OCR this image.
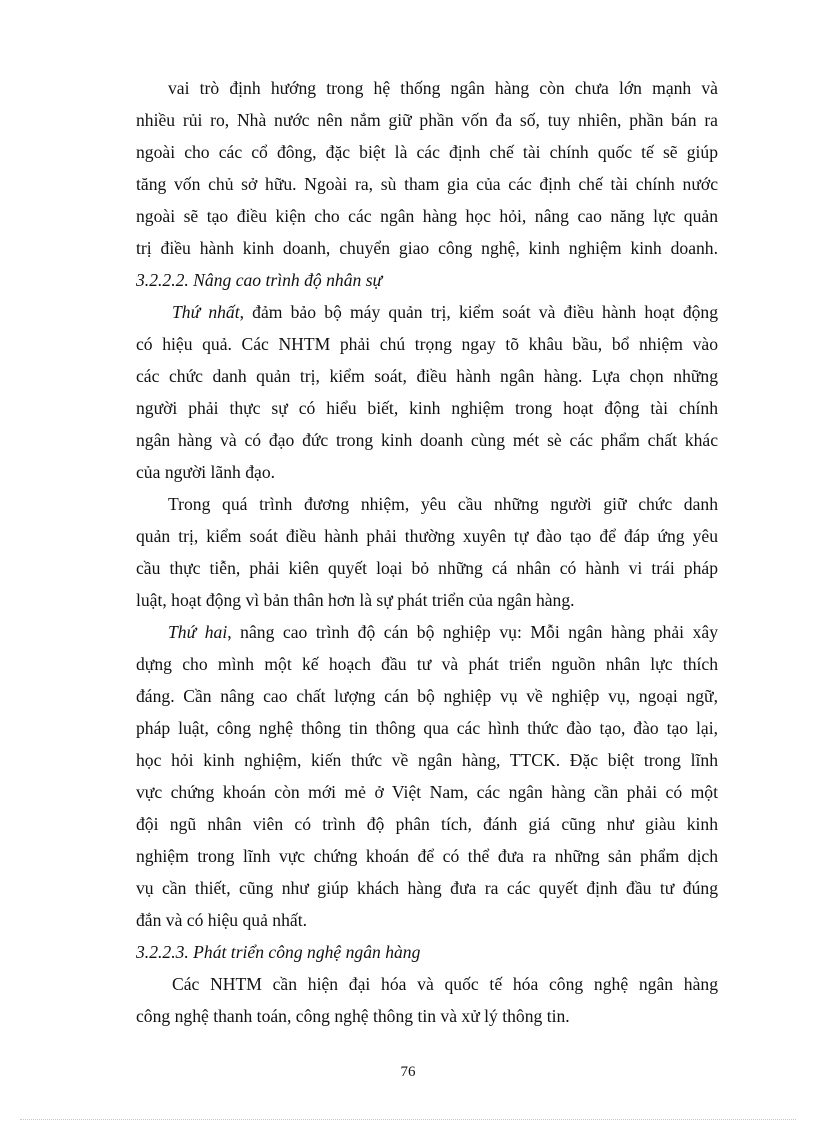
vai trò định hướng trong hệ thống ngân hàng còn chưa lớn mạnh và
nhiều rủi ro, Nhà nước nên nắm giữ phần vốn đa số, tuy nhiên, phần bán ra
ngoài cho các cổ đông, đặc biệt là các định chế tài chính quốc tế sẽ giúp
tăng vốn chủ sở hữu. Ngoài ra, sù tham gia của các định chế tài chính nước
ngoài sẽ tạo điều kiện cho các ngân hàng học hỏi, nâng cao năng lực quản
trị điều hành kinh doanh, chuyển giao công nghệ, kinh nghiệm kinh doanh.
3.2.2.2. Nâng cao trình độ nhân sự
Thứ nhất, đảm bảo bộ máy quản trị, kiểm soát và điều hành hoạt động
có hiệu quả. Các NHTM phải chú trọng ngay tõ khâu bầu, bổ nhiệm vào
các chức danh quản trị, kiểm soát, điều hành ngân hàng. Lựa chọn những
người phải thực sự có hiểu biết, kinh nghiệm trong hoạt động tài chính
ngân hàng và có đạo đức trong kinh doanh cùng mét sè các phẩm chất khác
của người lãnh đạo.
Trong quá trình đương nhiệm, yêu cầu những người giữ chức danh
quản trị, kiểm soát điều hành phải thường xuyên tự đào tạo để đáp ứng yêu
cầu thực tiễn, phải kiên quyết loại bỏ những cá nhân có hành vi trái pháp
luật, hoạt động vì bản thân hơn là sự phát triển của ngân hàng.
Thứ hai, nâng cao trình độ cán bộ nghiệp vụ: Mỗi ngân hàng phải xây
dựng cho mình một kế hoạch đầu tư và phát triển nguồn nhân lực thích
đáng. Cần nâng cao chất lượng cán bộ nghiệp vụ về nghiệp vụ, ngoại ngữ,
pháp luật, công nghệ thông tin thông qua các hình thức đào tạo, đào tạo lại,
học hỏi kinh nghiệm, kiến thức về ngân hàng, TTCK. Đặc biệt trong lĩnh
vực chứng khoán còn mới mẻ ở Việt Nam, các ngân hàng cần phải có một
đội ngũ nhân viên có trình độ phân tích, đánh giá cũng như giàu kinh
nghiệm trong lĩnh vực chứng khoán để có thể đưa ra những sản phẩm dịch
vụ cần thiết, cũng như giúp khách hàng đưa ra các quyết định đầu tư đúng
đắn và có hiệu quả nhất.
3.2.2.3. Phát triển công nghệ ngân hàng
Các NHTM cần hiện đại hóa và quốc tế hóa công nghệ ngân hàng
công nghệ thanh toán, công nghệ thông tin và xử lý thông tin.
76
